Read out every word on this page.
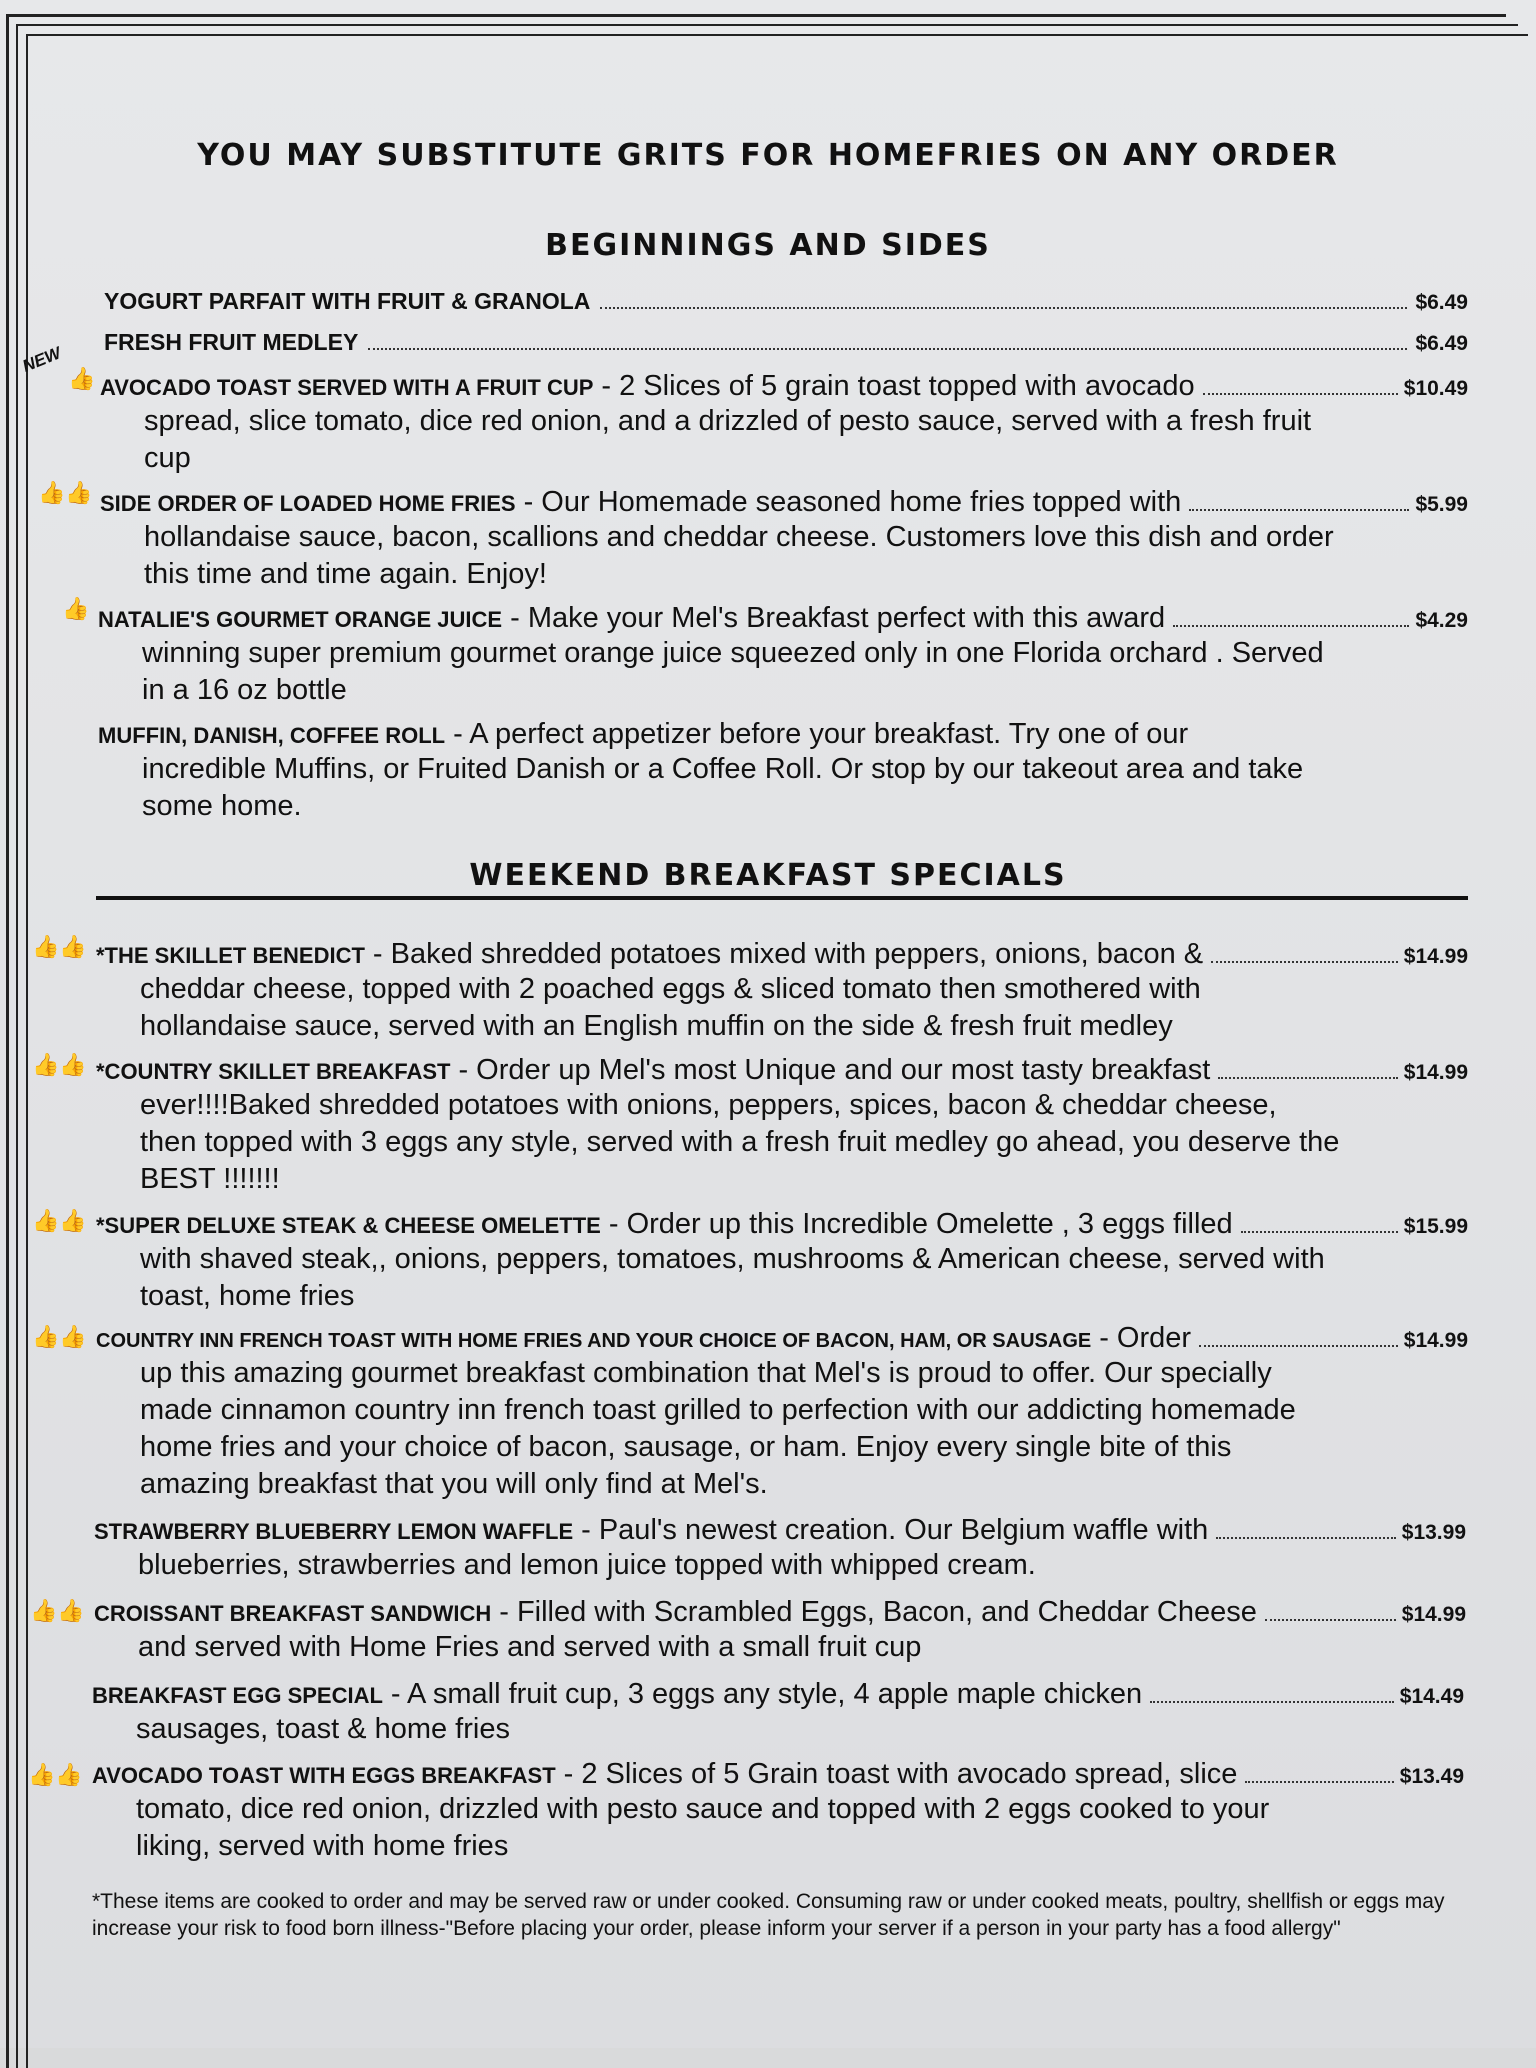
YOU MAY SUBSTITUTE GRITS FOR HOMEFRIES ON ANY ORDER
BEGINNINGS AND SIDES
YOGURT PARFAIT WITH FRUIT & GRANOLA	$6.49
FRESH FRUIT MEDLEY	$6.49
NEW
👍 AVOCADO TOAST SERVED WITH A FRUIT CUP - 2 Slices of 5 grain toast topped with avocado	$10.49
spread, slice tomato, dice red onion, and a drizzled of pesto sauce, served with a fresh fruit cup
👍👍 SIDE ORDER OF LOADED HOME FRIES - Our Homemade seasoned home fries topped with	$5.99
hollandaise sauce, bacon, scallions and cheddar cheese. Customers love this dish and order this time and time again. Enjoy!
👍 NATALIE'S GOURMET ORANGE JUICE - Make your Mel's Breakfast perfect with this award	$4.29
winning super premium gourmet orange juice squeezed only in one Florida orchard . Served in a 16 oz bottle
MUFFIN, DANISH, COFFEE ROLL - A perfect appetizer before your breakfast. Try one of our
incredible Muffins, or Fruited Danish or a Coffee Roll. Or stop by our takeout area and take some home.
WEEKEND BREAKFAST SPECIALS
👍👍 *THE SKILLET BENEDICT - Baked shredded potatoes mixed with peppers, onions, bacon &	$14.99
cheddar cheese, topped with 2 poached eggs & sliced tomato then smothered with hollandaise sauce, served with an English muffin on the side & fresh fruit medley
👍👍 *COUNTRY SKILLET BREAKFAST - Order up Mel's most Unique and our most tasty breakfast	$14.99
ever!!!!Baked shredded potatoes with onions, peppers, spices, bacon & cheddar cheese, then topped with 3 eggs any style, served with a fresh fruit medley go ahead, you deserve the BEST !!!!!!!
👍👍 *SUPER DELUXE STEAK & CHEESE OMELETTE - Order up this Incredible Omelette , 3 eggs filled	$15.99
with shaved steak,, onions, peppers, tomatoes, mushrooms & American cheese, served with toast, home fries
👍👍 COUNTRY INN FRENCH TOAST WITH HOME FRIES AND YOUR CHOICE OF BACON, HAM, OR SAUSAGE - Order	$14.99
up this amazing gourmet breakfast combination that Mel's is proud to offer. Our specially made cinnamon country inn french toast grilled to perfection with our addicting homemade home fries and your choice of bacon, sausage, or ham. Enjoy every single bite of this amazing breakfast that you will only find at Mel's.
STRAWBERRY BLUEBERRY LEMON WAFFLE - Paul's newest creation. Our Belgium waffle with	$13.99
blueberries, strawberries and lemon juice topped with whipped cream.
👍👍 CROISSANT BREAKFAST SANDWICH - Filled with Scrambled Eggs, Bacon, and Cheddar Cheese	$14.99
and served with Home Fries and served with a small fruit cup
BREAKFAST EGG SPECIAL - A small fruit cup, 3 eggs any style, 4 apple maple chicken	$14.49
sausages, toast & home fries
👍👍 AVOCADO TOAST WITH EGGS BREAKFAST - 2 Slices of 5 Grain toast with avocado spread, slice	$13.49
tomato, dice red onion, drizzled with pesto sauce and topped with 2 eggs cooked to your liking, served with home fries
*These items are cooked to order and may be served raw or under cooked. Consuming raw or under cooked meats, poultry, shellfish or eggs may increase your risk to food born illness-"Before placing your order, please inform your server if a person in your party has a food allergy"
